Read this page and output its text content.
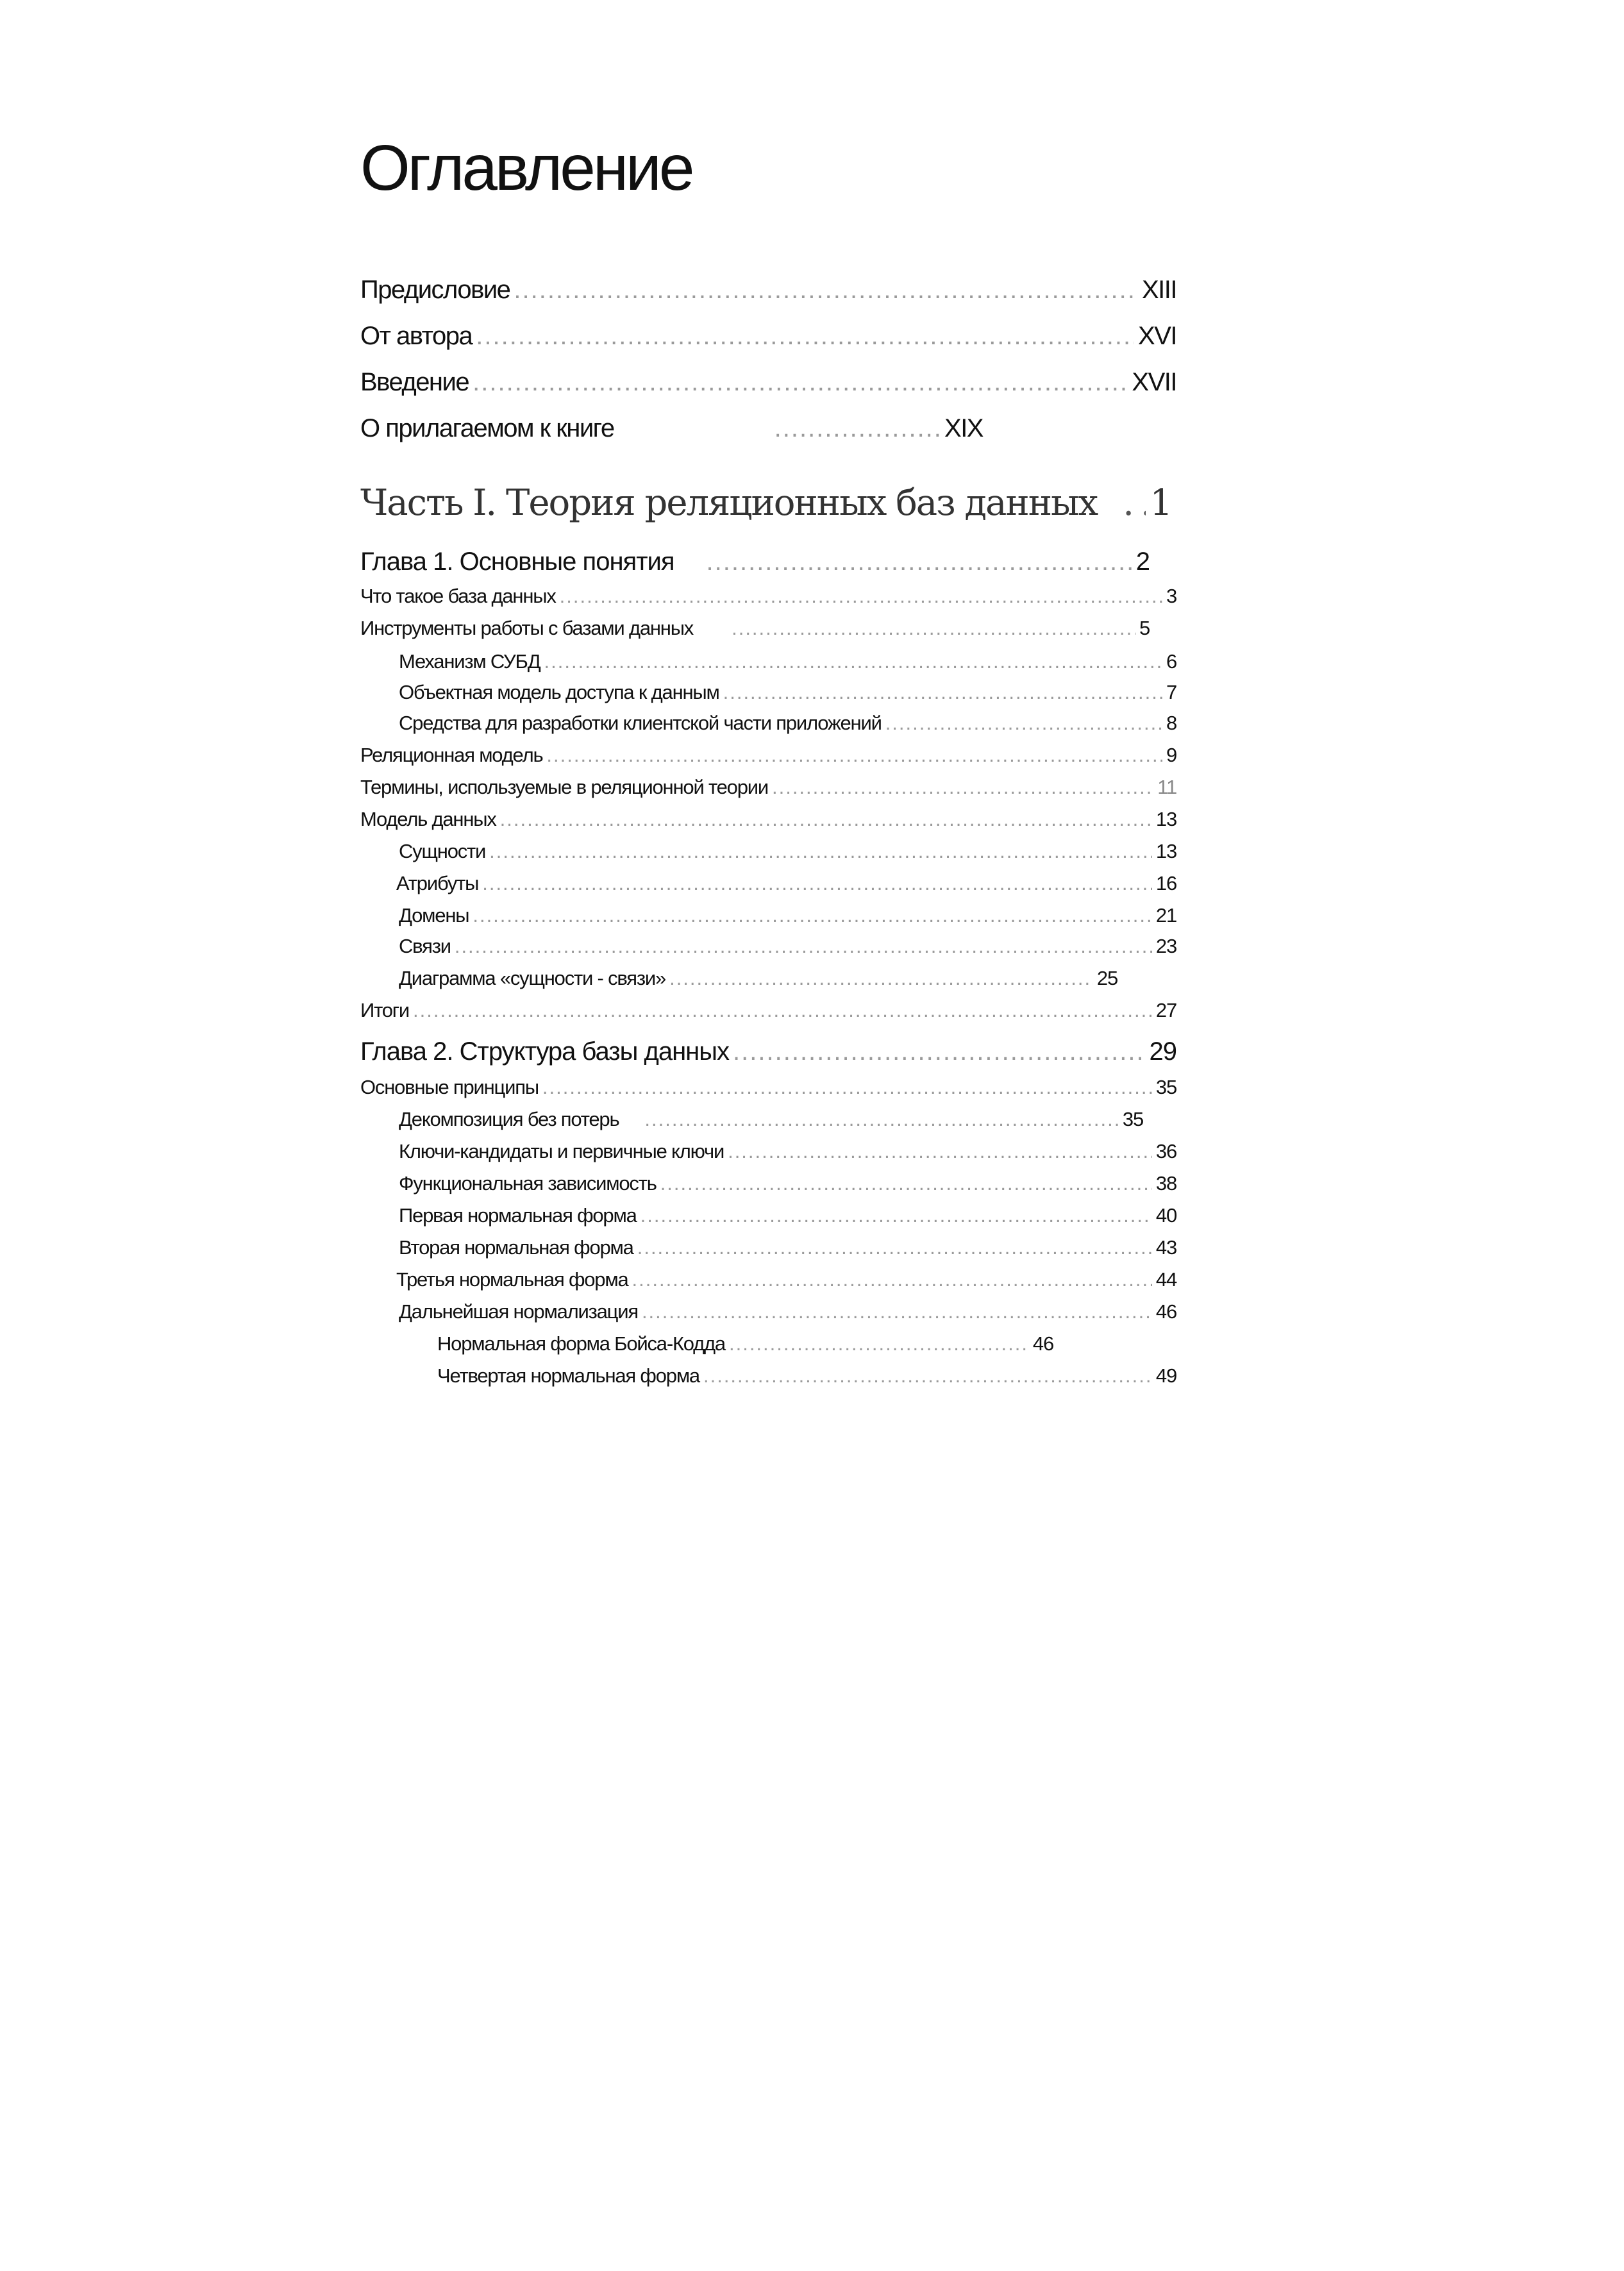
Оглавление
Предисловие .....	XIII
От автора .....	XVI
Введение .....	XVII
О прилагаемом к книге .....	XIX
Часть I. Теория реляционных баз данных ..... 1
Глава 1. Основные понятия .....	2
Что такое база данных .....	3
Инструменты работы с базами данных .....	5
Механизм СУБД .....	6
Объектная модель доступа к данным .....	7
Средства для разработки клиентской части приложений .....	8
Реляционная модель .....	9
Термины, используемые в реляционной теории .....	11
Модель данных .....	13
Сущности .....	13
Атрибуты .....	16
Домены .....	21
Связи .....	23
Диаграмма «сущности - связи» .....	25
Итоги .....	27
Глава 2. Структура базы данных .....	29
Основные принципы .....	35
Декомпозиция без потерь .....	35
Ключи-кандидаты и первичные ключи .....	36
Функциональная зависимость .....	38
Первая нормальная форма .....	40
Вторая нормальная форма .....	43
Третья нормальная форма .....	44
Дальнейшая нормализация .....	46
Нормальная форма Бойса-Кодда .....	46
Четвертая нормальная форма .....	49
